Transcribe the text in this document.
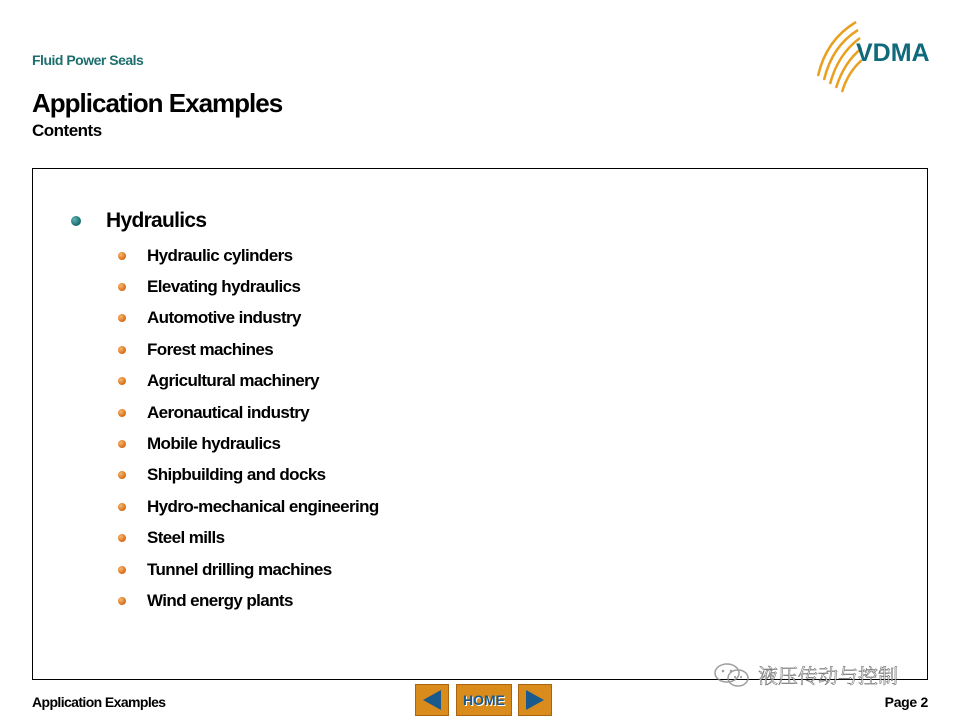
Fluid Power Seals
Application Examples
Contents
VDMA
Hydraulics
Hydraulic cylinders
Elevating hydraulics
Automotive industry
Forest machines
Agricultural machinery
Aeronautical industry
Mobile hydraulics
Shipbuilding and docks
Hydro-mechanical engineering
Steel mills
Tunnel drilling machines
Wind energy plants
液压传动与控制
Application Examples	HOME	Page 2
